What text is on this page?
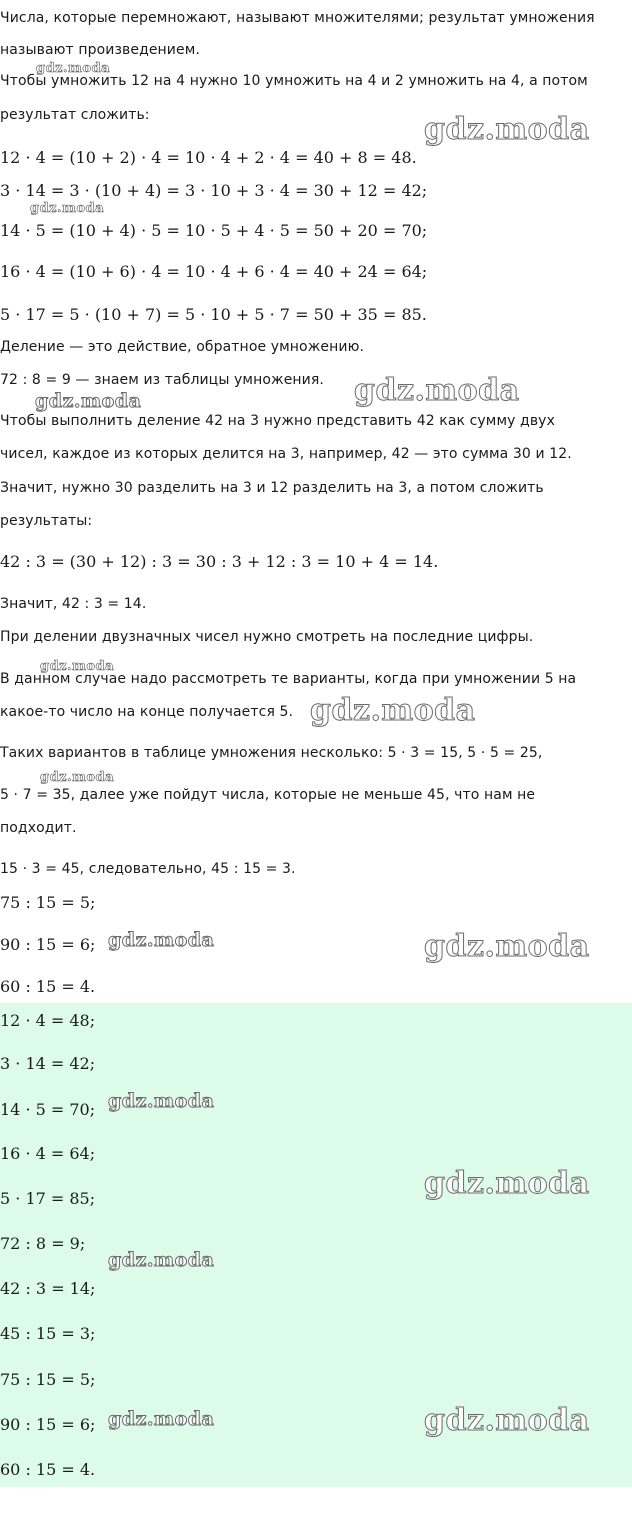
Числа, которые перемножают, называют множителями; результат умножения
называют произведением.
Чтобы умножить 12 на 4 нужно 10 умножить на 4 и 2 умножить на 4, а потом
результат сложить:
12 · 4 = (10 + 2) · 4 = 10 · 4 + 2 · 4 = 40 + 8 = 48.
3 · 14 = 3 · (10 + 4) = 3 · 10 + 3 · 4 = 30 + 12 = 42;
14 · 5 = (10 + 4) · 5 = 10 · 5 + 4 · 5 = 50 + 20 = 70;
16 · 4 = (10 + 6) · 4 = 10 · 4 + 6 · 4 = 40 + 24 = 64;
5 · 17 = 5 · (10 + 7) = 5 · 10 + 5 · 7 = 50 + 35 = 85.
Деление — это действие, обратное умножению.
72 : 8 = 9 — знаем из таблицы умножения.
Чтобы выполнить деление 42 на 3 нужно представить 42 как сумму двух
чисел, каждое из которых делится на 3, например, 42 — это сумма 30 и 12.
Значит, нужно 30 разделить на 3 и 12 разделить на 3, а потом сложить
результаты:
42 : 3 = (30 + 12) : 3 = 30 : 3 + 12 : 3 = 10 + 4 = 14.
Значит, 42 : 3 = 14.
При делении двузначных чисел нужно смотреть на последние цифры.
В данном случае надо рассмотреть те варианты, когда при умножении 5 на
какое-то число на конце получается 5.
Таких вариантов в таблице умножения несколько: 5 · 3 = 15, 5 · 5 = 25,
5 · 7 = 35, далее уже пойдут числа, которые не меньше 45, что нам не
подходит.
15 · 3 = 45, следовательно, 45 : 15 = 3.
75 : 15 = 5;
90 : 15 = 6;
60 : 15 = 4.
12 · 4 = 48;
3 · 14 = 42;
14 · 5 = 70;
16 · 4 = 64;
5 · 17 = 85;
72 : 8 = 9;
42 : 3 = 14;
45 : 15 = 3;
75 : 15 = 5;
90 : 15 = 6;
60 : 15 = 4.
gdz.moda
gdz.moda
gdz.moda
gdz.moda	gdz.moda
gdz.moda
gdz.moda
gdz.moda
gdz.moda	gdz.moda
gdz.moda
gdz.moda
gdz.moda
gdz.moda	gdz.moda
